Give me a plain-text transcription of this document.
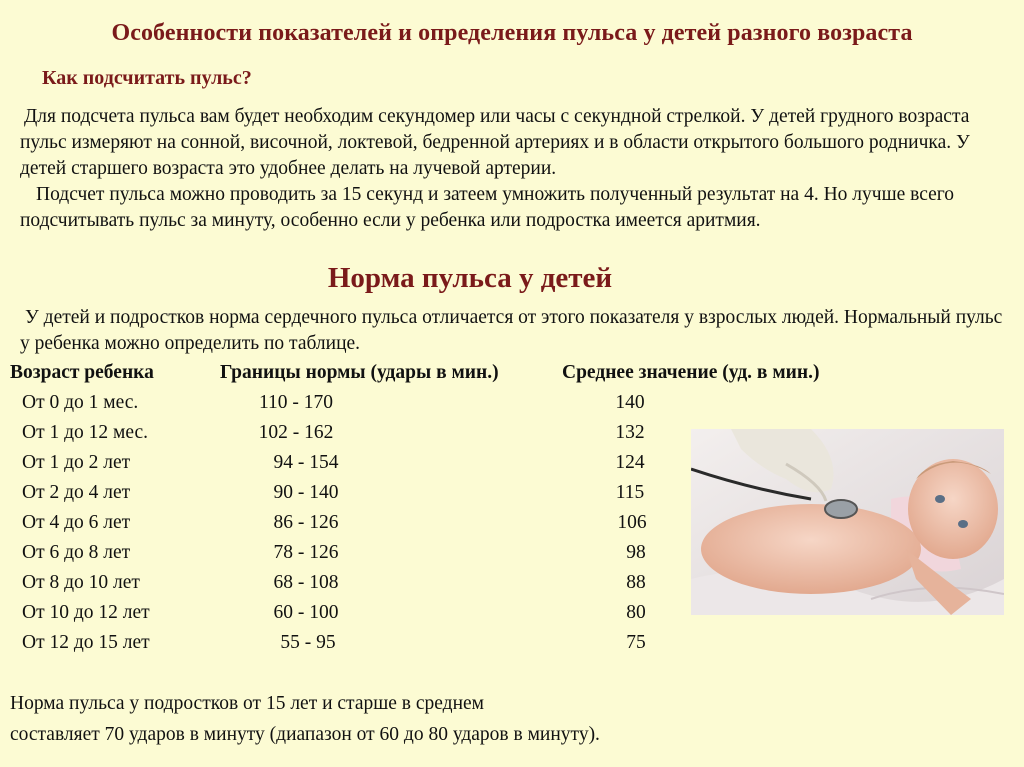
Особенности показателей и определения пульса у детей разного возраста
Как подсчитать пульс?

Для подсчета пульса вам будет необходим секундомер или часы с секундной стрелкой. У детей грудного возраста пульс измеряют на сонной, височной, локтевой, бедренной артериях и в области открытого большого родничка. У детей старшего возраста это удобнее делать на лучевой артерии.

Подсчет пульса можно проводить за 15 секунд и затеем умножить полученный результат на 4. Но лучше всего подсчитывать пульс за минуту, особенно если у ребенка или подростка имеется аритмия.

Норма пульса у детей

У детей и подростков норма сердечного пульса отличается от этого показателя у взрослых людей. Нормальный пульс у ребенка можно определить по таблице.

Возраст ребенка	Границы нормы (удары в мин.)	Среднее значение (уд. в мин.)
От 0 до 1 мес.	110 - 170	140
От 1 до 12 мес.	102 - 162	132
От 1 до 2 лет	94 - 154	124
От 2 до 4 лет	90 - 140	115
От 4 до 6 лет	86 - 126	106
От 6 до 8 лет	78 - 126	98
От 8 до 10 лет	68 - 108	88
От 10 до 12 лет	60 - 100	80
От 12 до 15 лет	55 - 95	75

Норма пульса у подростков от 15 лет и старше в среднем

составляет 70 ударов в минуту (диапазон от 60 до 80 ударов в минуту).
